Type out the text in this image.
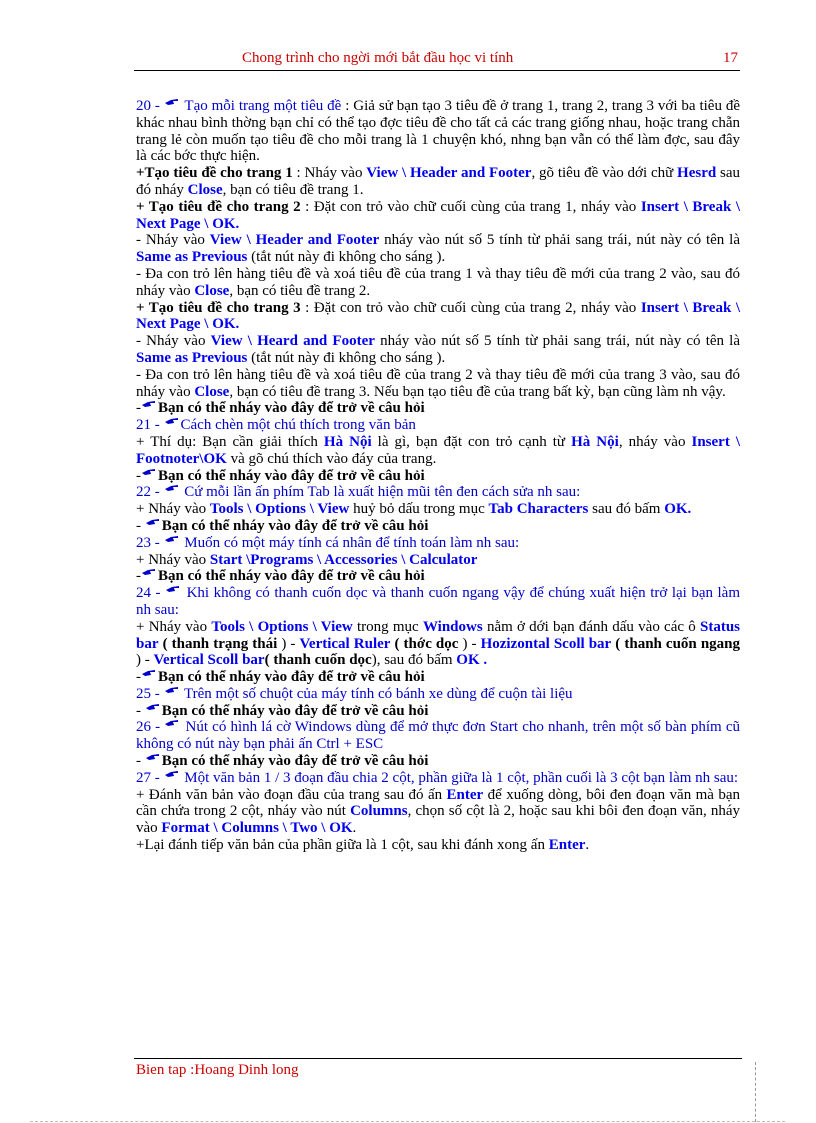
Chong trình cho ngời mới bắt đầu học vi tính	17

20 - Tạo mỗi trang một tiêu đề : Giả sử bạn tạo 3 tiêu đề ở trang 1, trang 2, trang 3 với ba tiêu đề khác nhau bình thờng bạn chỉ có thể tạo đợc tiêu đề cho tất cả các trang giống nhau, hoặc trang chẵn trang lẻ còn muốn tạo tiêu đề cho mỗi trang là 1 chuyện khó, nhng bạn vẫn có thể làm đợc, sau đây là các bớc thực hiện.

+Tạo tiêu đề cho trang 1 : Nháy vào View \ Header and Footer, gõ tiêu đề vào dới chữ Hesrd sau đó nháy Close, bạn có tiêu đề trang 1.

+ Tạo tiêu đề cho trang 2 : Đặt con trỏ vào chữ cuối cùng của trang 1, nháy vào Insert \ Break \ Next Page \ OK.

- Nháy vào View \ Header and Footer nháy vào nút số 5 tính từ phải sang trái, nút này có tên là Same as Previous (tắt nút này đi không cho sáng ).

- Đa con trỏ lên hàng tiêu đề và xoá tiêu đề của trang 1 và thay tiêu đề mới của trang 2 vào, sau đó nháy vào Close, bạn có tiêu đề trang 2.

+ Tạo tiêu đề cho trang 3 : Đặt con trỏ vào chữ cuối cùng của trang 2, nháy vào Insert \ Break \ Next Page \ OK.

- Nháy vào View \ Heard and Footer nháy vào nút số 5 tính từ phải sang trái, nút này có tên là Same as Previous (tắt nút này đi không cho sáng ).

- Đa con trỏ lên hàng tiêu đề và xoá tiêu đề của trang 2 và thay tiêu đề mới của trang 3 vào, sau đó nháy vào Close, bạn có tiêu đề trang 3. Nếu bạn tạo tiêu đề của trang bất kỳ, bạn cũng làm nh vậy.

- Bạn có thể nháy vào đây để trở về câu hỏi

21 - Cách chèn một chú thích trong văn bản

+ Thí dụ: Bạn cần giải thích Hà Nội là gì, bạn đặt con trỏ cạnh từ Hà Nội, nháy vào Insert \ Footnoter\OK và gõ chú thích vào đáy của trang.

- Bạn có thể nháy vào đây để trở về câu hỏi

22 - Cứ mỗi lần ấn phím Tab là xuất hiện mũi tên đen cách sửa nh sau:

+ Nháy vào Tools \ Options \ View huỷ bỏ dấu trong mục Tab Characters sau đó bấm OK.

- Bạn có thể nháy vào đây để trở về câu hỏi

23 - Muốn có một máy tính cá nhân để tính toán làm nh sau:

+ Nháy vào Start \Programs \ Accessories \ Calculator

- Bạn có thể nháy vào đây để trở về câu hỏi

24 - Khi không có thanh cuốn dọc và thanh cuốn ngang vậy để chúng xuất hiện trở lại bạn làm nh sau:

+ Nháy vào Tools \ Options \ View trong mục Windows nằm ở dới bạn đánh dấu vào các ô Status bar ( thanh trạng thái ) - Vertical Ruler ( thớc dọc ) - Hozizontal Scoll bar ( thanh cuốn ngang ) - Vertical Scoll bar( thanh cuốn dọc), sau đó bấm OK .

- Bạn có thể nháy vào đây để trở về câu hỏi

25 - Trên một số chuột của máy tính có bánh xe dùng để cuộn tài liệu

- Bạn có thể nháy vào đây để trở về câu hỏi

26 - Nút có hình lá cờ Windows dùng để mở thực đơn Start cho nhanh, trên một số bàn phím cũ không có nút này bạn phải ấn Ctrl + ESC

- Bạn có thể nháy vào đây để trở về câu hỏi

27 - Một văn bản 1 / 3 đoạn đầu chia 2 cột, phần giữa là 1 cột, phần cuối là 3 cột bạn làm nh sau:

+ Đánh văn bản vào đoạn đầu của trang sau đó ấn Enter để xuống dòng, bôi đen đoạn văn mà bạn cần chứa trong 2 cột, nháy vào nút Columns, chọn số cột là 2, hoặc sau khi bôi đen đoạn văn, nháy vào Format \ Columns \ Two \ OK.

+Lại đánh tiếp văn bản của phần giữa là 1 cột, sau khi đánh xong ấn Enter.

Bien tap :Hoang Dinh long
